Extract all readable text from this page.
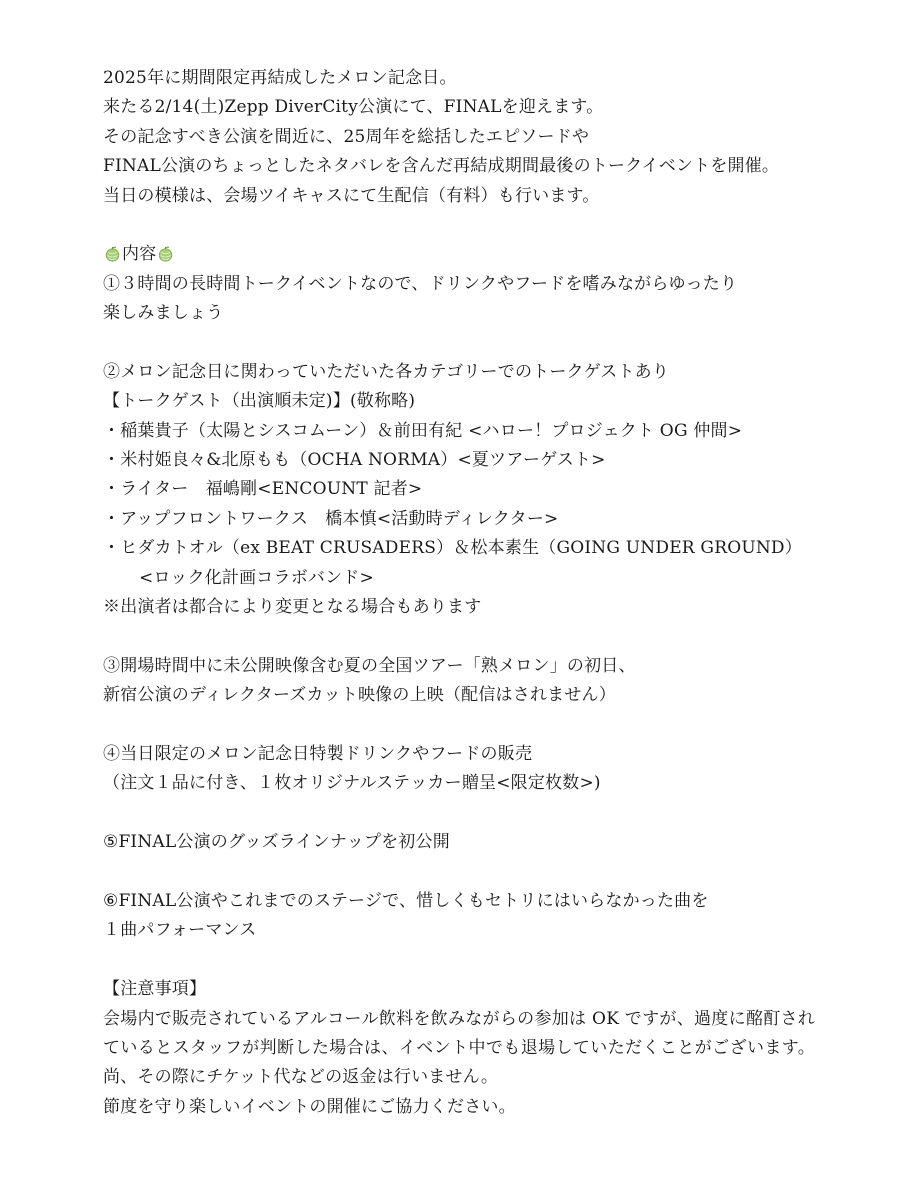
2025年に期間限定再結成したメロン記念日。
来たる2/14(土)Zepp DiverCity公演にて、FINALを迎えます。
その記念すべき公演を間近に、25周年を総括したエピソードや
FINAL公演のちょっとしたネタバレを含んだ再結成期間最後のトークイベントを開催。
当日の模様は、会場ツイキャスにて生配信（有料）も行います。
内容
①３時間の長時間トークイベントなので、ドリンクやフードを嗜みながらゆったり
楽しみましょう
②メロン記念日に関わっていただいた各カテゴリーでのトークゲストあり
【トークゲスト（出演順未定)】(敬称略)
・稲葉貴子（太陽とシスコムーン）＆前田有紀 <ハロー！プロジェクト OG 仲間>
・米村姫良々&北原もも（OCHA NORMA）<夏ツアーゲスト>
・ライター　福嶋剛<ENCOUNT 記者>
・アップフロントワークス　橋本慎<活動時ディレクター>
・ヒダカトオル（ex BEAT CRUSADERS）＆松本素生（GOING UNDER GROUND）
<ロック化計画コラボバンド>
※出演者は都合により変更となる場合もあります
③開場時間中に未公開映像含む夏の全国ツアー「熟メロン」の初日、
新宿公演のディレクターズカット映像の上映（配信はされません）
④当日限定のメロン記念日特製ドリンクやフードの販売
（注文１品に付き、１枚オリジナルステッカー贈呈<限定枚数>)
⑤FINAL公演のグッズラインナップを初公開
⑥FINAL公演やこれまでのステージで、惜しくもセトリにはいらなかった曲を
１曲パフォーマンス
【注意事項】
会場内で販売されているアルコール飲料を飲みながらの参加は OK ですが、過度に酩酊されているとスタッフが判断した場合は、イベント中でも退場していただくことがございます。尚、その際にチケット代などの返金は行いません。
節度を守り楽しいイベントの開催にご協力ください。
